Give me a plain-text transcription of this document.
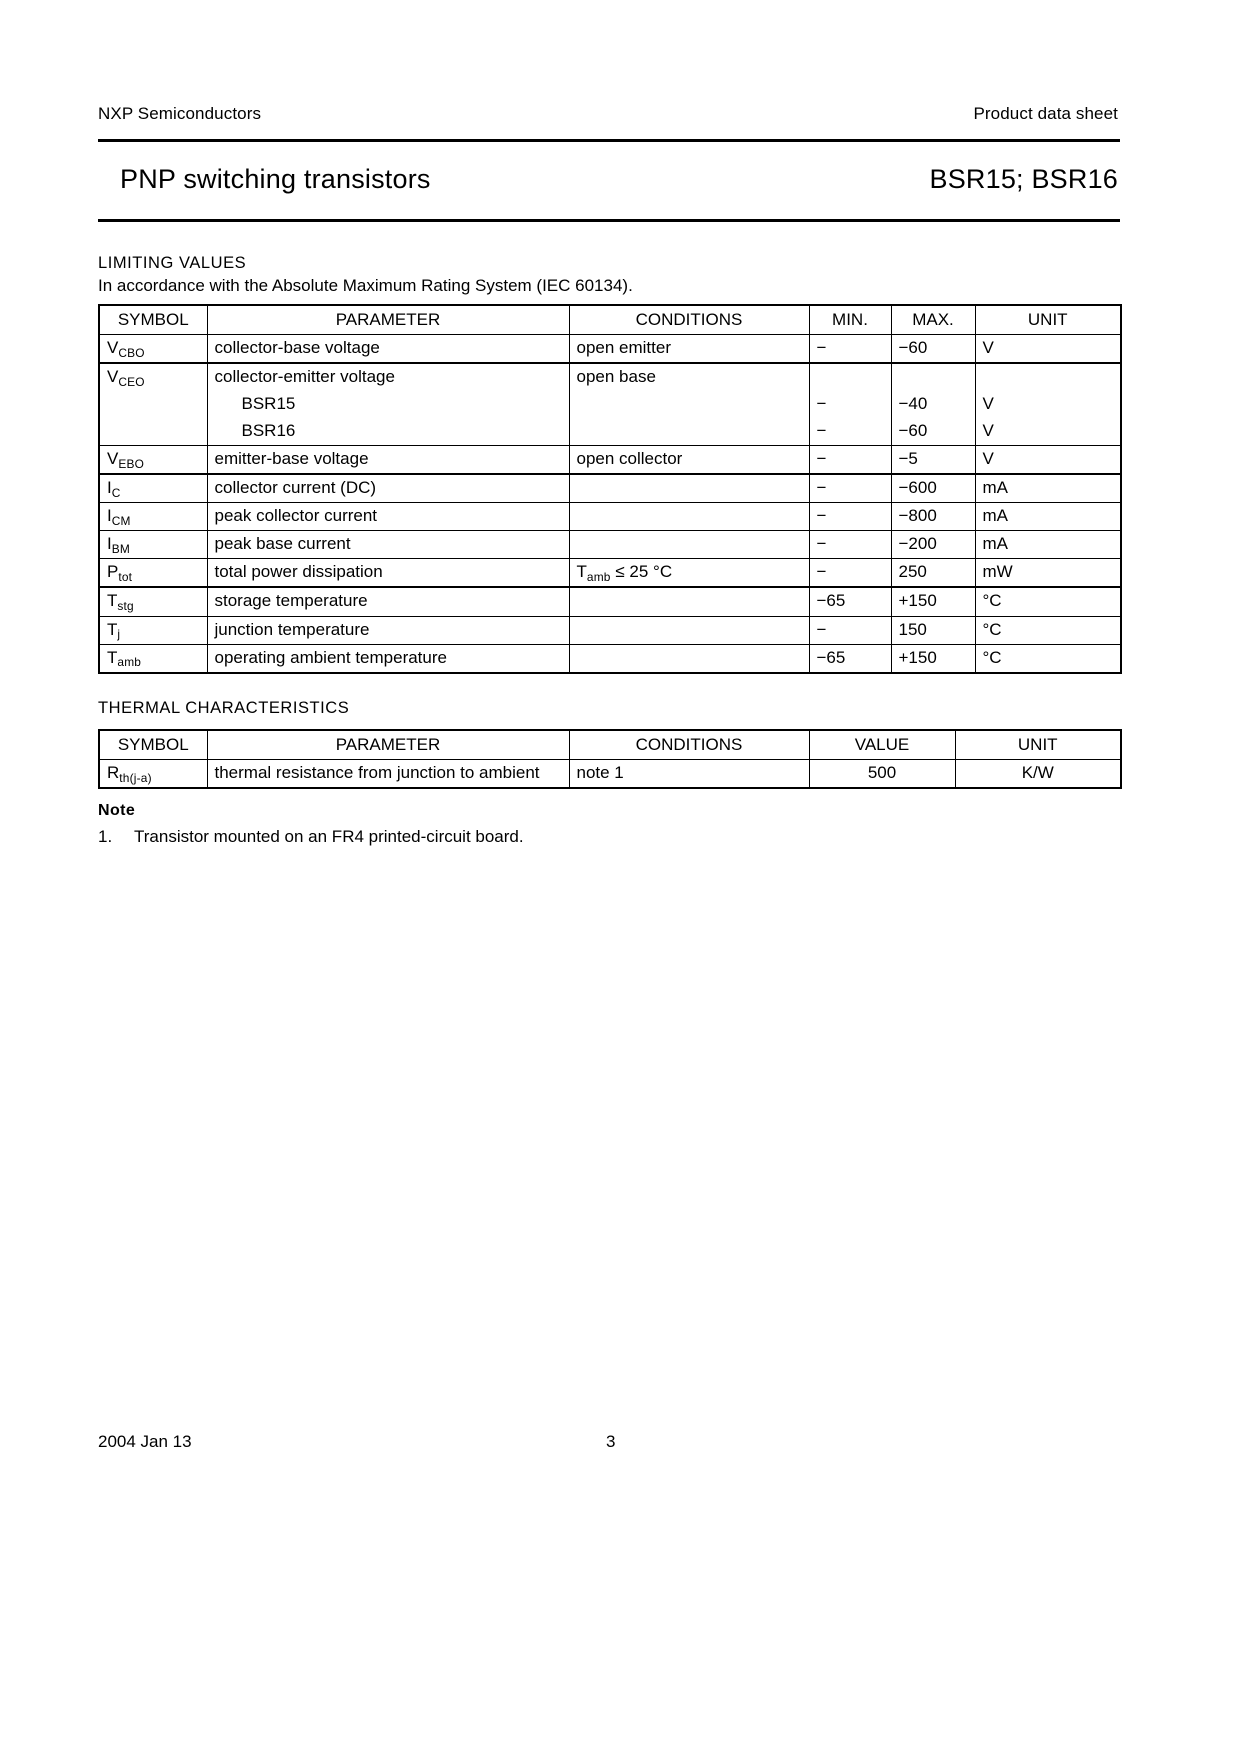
NXP Semiconductors	Product data sheet
PNP switching transistors	BSR15; BSR16
LIMITING VALUES
In accordance with the Absolute Maximum Rating System (IEC 60134).
SYMBOL	PARAMETER	CONDITIONS	MIN.	MAX.	UNIT
$V_{CBO}$	collector-base voltage	open emitter	−	−60	V
$V_{CEO}$	collector-emitter voltage	open base			
	BSR15		−	−40	V
	BSR16		−	−60	V
$V_{EBO}$	emitter-base voltage	open collector	−	−5	V
$I_C$	collector current (DC)		−	−600	mA
$I_{CM}$	peak collector current		−	−800	mA
$I_{BM}$	peak base current		−	−200	mA
$P_{tot}$	total power dissipation	$T_{amb} \le 25$ °C	−	250	mW
$T_{stg}$	storage temperature		−65	+150	°C
$T_j$	junction temperature		−	150	°C
$T_{amb}$	operating ambient temperature		−65	+150	°C
THERMAL CHARACTERISTICS
SYMBOL	PARAMETER	CONDITIONS	VALUE	UNIT
$R_{th(j-a)}$	thermal resistance from junction to ambient	note 1	500	K/W
Note
1. Transistor mounted on an FR4 printed-circuit board.
2004 Jan 13	3
